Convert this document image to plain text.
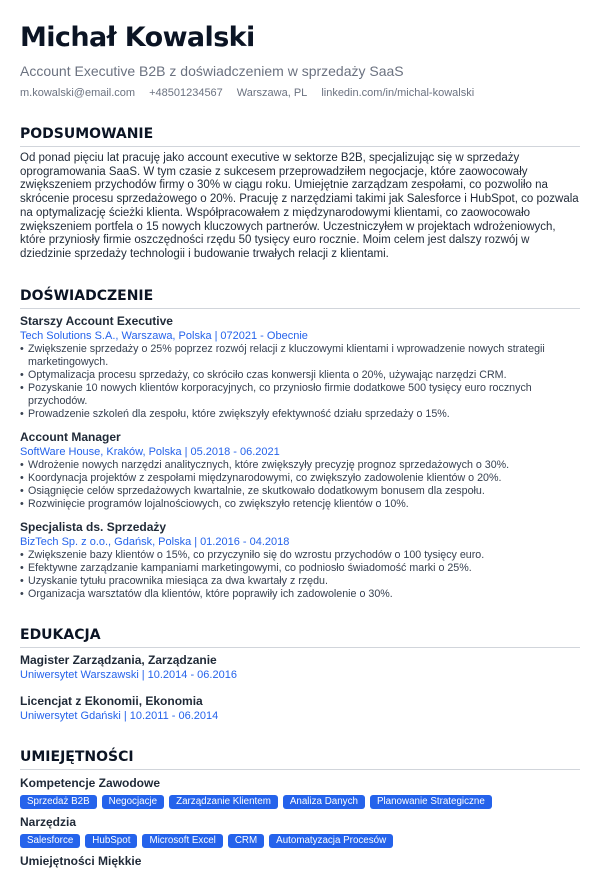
Michał Kowalski
Account Executive B2B z doświadczeniem w sprzedaży SaaS
m.kowalski@email.com +48501234567 Warszawa, PL linkedin.com/in/michal-kowalski
PODSUMOWANIE
Od ponad pięciu lat pracuję jako account executive w sektorze B2B, specjalizując się w sprzedaży oprogramowania SaaS. W tym czasie z sukcesem przeprowadziłem negocjacje, które zaowocowały zwiększeniem przychodów firmy o 30% w ciągu roku. Umiejętnie zarządzam zespołami, co pozwoliło na skrócenie procesu sprzedażowego o 20%. Pracuję z narzędziami takimi jak Salesforce i HubSpot, co pozwala na optymalizację ścieżki klienta. Współpracowałem z międzynarodowymi klientami, co zaowocowało zwiększeniem portfela o 15 nowych kluczowych partnerów. Uczestniczyłem w projektach wdrożeniowych, które przyniosły firmie oszczędności rzędu 50 tysięcy euro rocznie. Moim celem jest dalszy rozwój w dziedzinie sprzedaży technologii i budowanie trwałych relacji z klientami.
DOŚWIADCZENIE
Starszy Account Executive
Tech Solutions S.A., Warszawa, Polska | 072021 - Obecnie
• Zwiększenie sprzedaży o 25% poprzez rozwój relacji z kluczowymi klientami i wprowadzenie nowych strategii marketingowych.
• Optymalizacja procesu sprzedaży, co skróciło czas konwersji klienta o 20%, używając narzędzi CRM.
• Pozyskanie 10 nowych klientów korporacyjnych, co przyniosło firmie dodatkowe 500 tysięcy euro rocznych przychodów.
• Prowadzenie szkoleń dla zespołu, które zwiększyły efektywność działu sprzedaży o 15%.
Account Manager
SoftWare House, Kraków, Polska | 05.2018 - 06.2021
• Wdrożenie nowych narzędzi analitycznych, które zwiększyły precyzję prognoz sprzedażowych o 30%.
• Koordynacja projektów z zespołami międzynarodowymi, co zwiększyło zadowolenie klientów o 20%.
• Osiągnięcie celów sprzedażowych kwartalnie, ze skutkowało dodatkowym bonusem dla zespołu.
• Rozwinięcie programów lojalnościowych, co zwiększyło retencję klientów o 10%.
Specjalista ds. Sprzedaży
BizTech Sp. z o.o., Gdańsk, Polska | 01.2016 - 04.2018
• Zwiększenie bazy klientów o 15%, co przyczyniło się do wzrostu przychodów o 100 tysięcy euro.
• Efektywne zarządzanie kampaniami marketingowymi, co podniosło świadomość marki o 25%.
• Uzyskanie tytułu pracownika miesiąca za dwa kwartały z rzędu.
• Organizacja warsztatów dla klientów, które poprawiły ich zadowolenie o 30%.
EDUKACJA
Magister Zarządzania, Zarządzanie
Uniwersytet Warszawski | 10.2014 - 06.2016
Licencjat z Ekonomii, Ekonomia
Uniwersytet Gdański | 10.2011 - 06.2014
UMIEJĘTNOŚCI
Kompetencje Zawodowe
Sprzedaż B2B	Negocjacje	Zarządzanie Klientem	Analiza Danych	Planowanie Strategiczne
Narzędzia
Salesforce	HubSpot	Microsoft Excel	CRM	Automatyzacja Procesów
Umiejętności Miękkie
